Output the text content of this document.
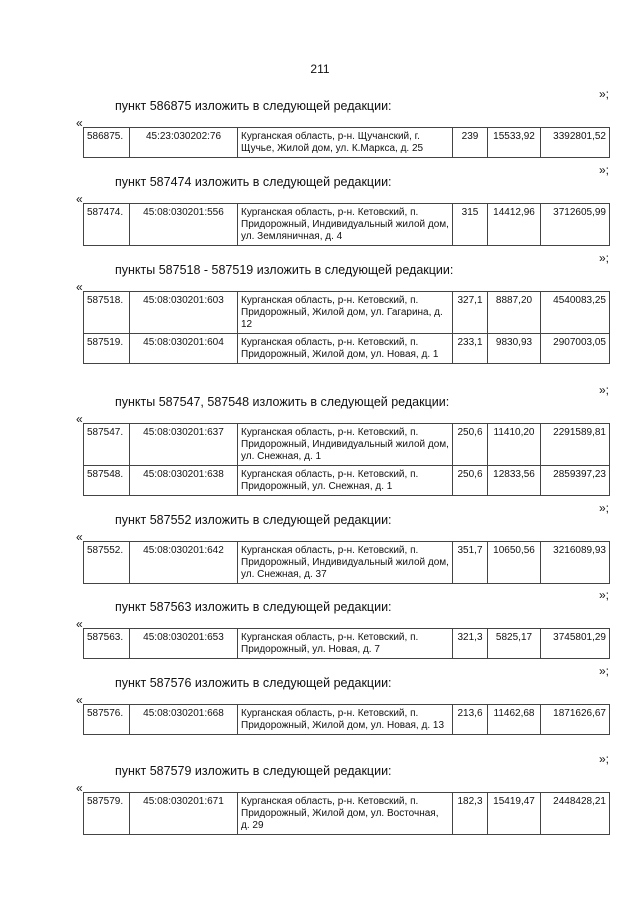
211
»;
пункт 586875 изложить в следующей редакции:
«
586875.	45:23:030202:76	Курганская область, р-н. Щучанский, г. Щучье, Жилой дом, ул. К.Маркса, д. 25	239	15533,92	3392801,52
»;
пункт 587474 изложить в следующей редакции:
«
587474.	45:08:030201:556	Курганская область, р-н. Кетовский, п. Придорожный, Индивидуальный жилой дом, ул. Земляничная, д. 4	315	14412,96	3712605,99
»;
пункты 587518 - 587519 изложить в следующей редакции:
«
587518.	45:08:030201:603	Курганская область, р-н. Кетовский, п. Придорожный, Жилой дом, ул. Гагарина, д. 12	327,1	8887,20	4540083,25
587519.	45:08:030201:604	Курганская область, р-н. Кетовский, п. Придорожный, Жилой дом, ул. Новая, д. 1	233,1	9830,93	2907003,05
»;
пункты 587547, 587548 изложить в следующей редакции:
«
587547.	45:08:030201:637	Курганская область, р-н. Кетовский, п. Придорожный, Индивидуальный жилой дом, ул. Снежная, д. 1	250,6	11410,20	2291589,81
587548.	45:08:030201:638	Курганская область, р-н. Кетовский, п. Придорожный, ул. Снежная, д. 1	250,6	12833,56	2859397,23
»;
пункт 587552 изложить в следующей редакции:
«
587552.	45:08:030201:642	Курганская область, р-н. Кетовский, п. Придорожный, Индивидуальный жилой дом, ул. Снежная, д. 37	351,7	10650,56	3216089,93
»;
пункт 587563 изложить в следующей редакции:
«
587563.	45:08:030201:653	Курганская область, р-н. Кетовский, п. Придорожный, ул. Новая, д. 7	321,3	5825,17	3745801,29
»;
пункт 587576 изложить в следующей редакции:
«
587576.	45:08:030201:668	Курганская область, р-н. Кетовский, п. Придорожный, Жилой дом, ул. Новая, д. 13	213,6	11462,68	1871626,67
»;
пункт 587579 изложить в следующей редакции:
«
587579.	45:08:030201:671	Курганская область, р-н. Кетовский, п. Придорожный, Жилой дом, ул. Восточная, д. 29	182,3	15419,47	2448428,21
